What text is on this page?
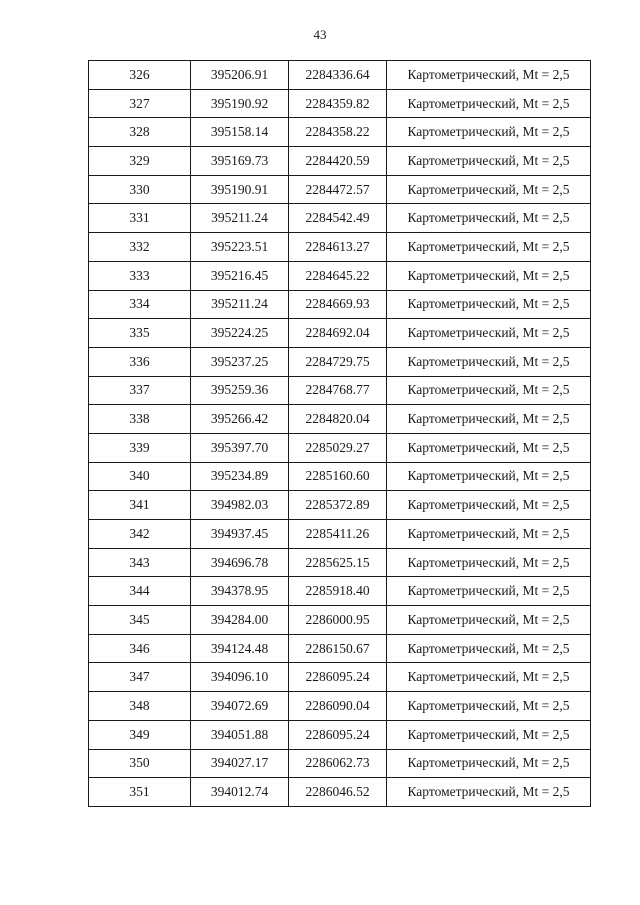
43
326	395206.91	2284336.64	Картометрический, Mt = 2,5
327	395190.92	2284359.82	Картометрический, Mt = 2,5
328	395158.14	2284358.22	Картометрический, Mt = 2,5
329	395169.73	2284420.59	Картометрический, Mt = 2,5
330	395190.91	2284472.57	Картометрический, Mt = 2,5
331	395211.24	2284542.49	Картометрический, Mt = 2,5
332	395223.51	2284613.27	Картометрический, Mt = 2,5
333	395216.45	2284645.22	Картометрический, Mt = 2,5
334	395211.24	2284669.93	Картометрический, Mt = 2,5
335	395224.25	2284692.04	Картометрический, Mt = 2,5
336	395237.25	2284729.75	Картометрический, Mt = 2,5
337	395259.36	2284768.77	Картометрический, Mt = 2,5
338	395266.42	2284820.04	Картометрический, Mt = 2,5
339	395397.70	2285029.27	Картометрический, Mt = 2,5
340	395234.89	2285160.60	Картометрический, Mt = 2,5
341	394982.03	2285372.89	Картометрический, Mt = 2,5
342	394937.45	2285411.26	Картометрический, Mt = 2,5
343	394696.78	2285625.15	Картометрический, Mt = 2,5
344	394378.95	2285918.40	Картометрический, Mt = 2,5
345	394284.00	2286000.95	Картометрический, Mt = 2,5
346	394124.48	2286150.67	Картометрический, Mt = 2,5
347	394096.10	2286095.24	Картометрический, Mt = 2,5
348	394072.69	2286090.04	Картометрический, Mt = 2,5
349	394051.88	2286095.24	Картометрический, Mt = 2,5
350	394027.17	2286062.73	Картометрический, Mt = 2,5
351	394012.74	2286046.52	Картометрический, Mt = 2,5
